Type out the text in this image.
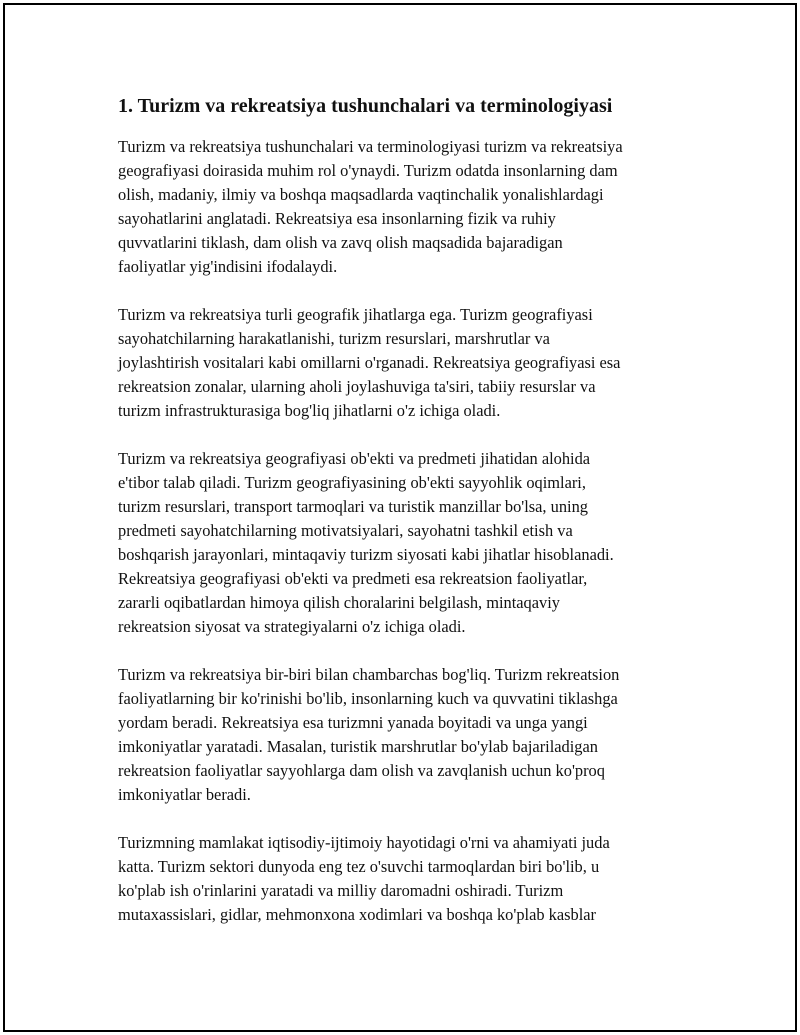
1. Turizm va rekreatsiya tushunchalari va terminologiyasi
Turizm va rekreatsiya tushunchalari va terminologiyasi turizm va rekreatsiya
geografiyasi doirasida muhim rol o'ynaydi. Turizm odatda insonlarning dam
olish, madaniy, ilmiy va boshqa maqsadlarda vaqtinchalik yonalishlardagi
sayohatlarini anglatadi. Rekreatsiya esa insonlarning fizik va ruhiy
quvvatlarini tiklash, dam olish va zavq olish maqsadida bajaradigan
faoliyatlar yig'indisini ifodalaydi.
Turizm va rekreatsiya turli geografik jihatlarga ega. Turizm geografiyasi
sayohatchilarning harakatlanishi, turizm resurslari, marshrutlar va
joylashtirish vositalari kabi omillarni o'rganadi. Rekreatsiya geografiyasi esa
rekreatsion zonalar, ularning aholi joylashuviga ta'siri, tabiiy resurslar va
turizm infrastrukturasiga bog'liq jihatlarni o'z ichiga oladi.
Turizm va rekreatsiya geografiyasi ob'ekti va predmeti jihatidan alohida
e'tibor talab qiladi. Turizm geografiyasining ob'ekti sayyohlik oqimlari,
turizm resurslari, transport tarmoqlari va turistik manzillar bo'lsa, uning
predmeti sayohatchilarning motivatsiyalari, sayohatni tashkil etish va
boshqarish jarayonlari, mintaqaviy turizm siyosati kabi jihatlar hisoblanadi.
Rekreatsiya geografiyasi ob'ekti va predmeti esa rekreatsion faoliyatlar,
zararli oqibatlardan himoya qilish choralarini belgilash, mintaqaviy
rekreatsion siyosat va strategiyalarni o'z ichiga oladi.
Turizm va rekreatsiya bir-biri bilan chambarchas bog'liq. Turizm rekreatsion
faoliyatlarning bir ko'rinishi bo'lib, insonlarning kuch va quvvatini tiklashga
yordam beradi. Rekreatsiya esa turizmni yanada boyitadi va unga yangi
imkoniyatlar yaratadi. Masalan, turistik marshrutlar bo'ylab bajariladigan
rekreatsion faoliyatlar sayyohlarga dam olish va zavqlanish uchun ko'proq
imkoniyatlar beradi.
Turizmning mamlakat iqtisodiy-ijtimoiy hayotidagi o'rni va ahamiyati juda
katta. Turizm sektori dunyoda eng tez o'suvchi tarmoqlardan biri bo'lib, u
ko'plab ish o'rinlarini yaratadi va milliy daromadni oshiradi. Turizm
mutaxassislari, gidlar, mehmonxona xodimlari va boshqa ko'plab kasblar
